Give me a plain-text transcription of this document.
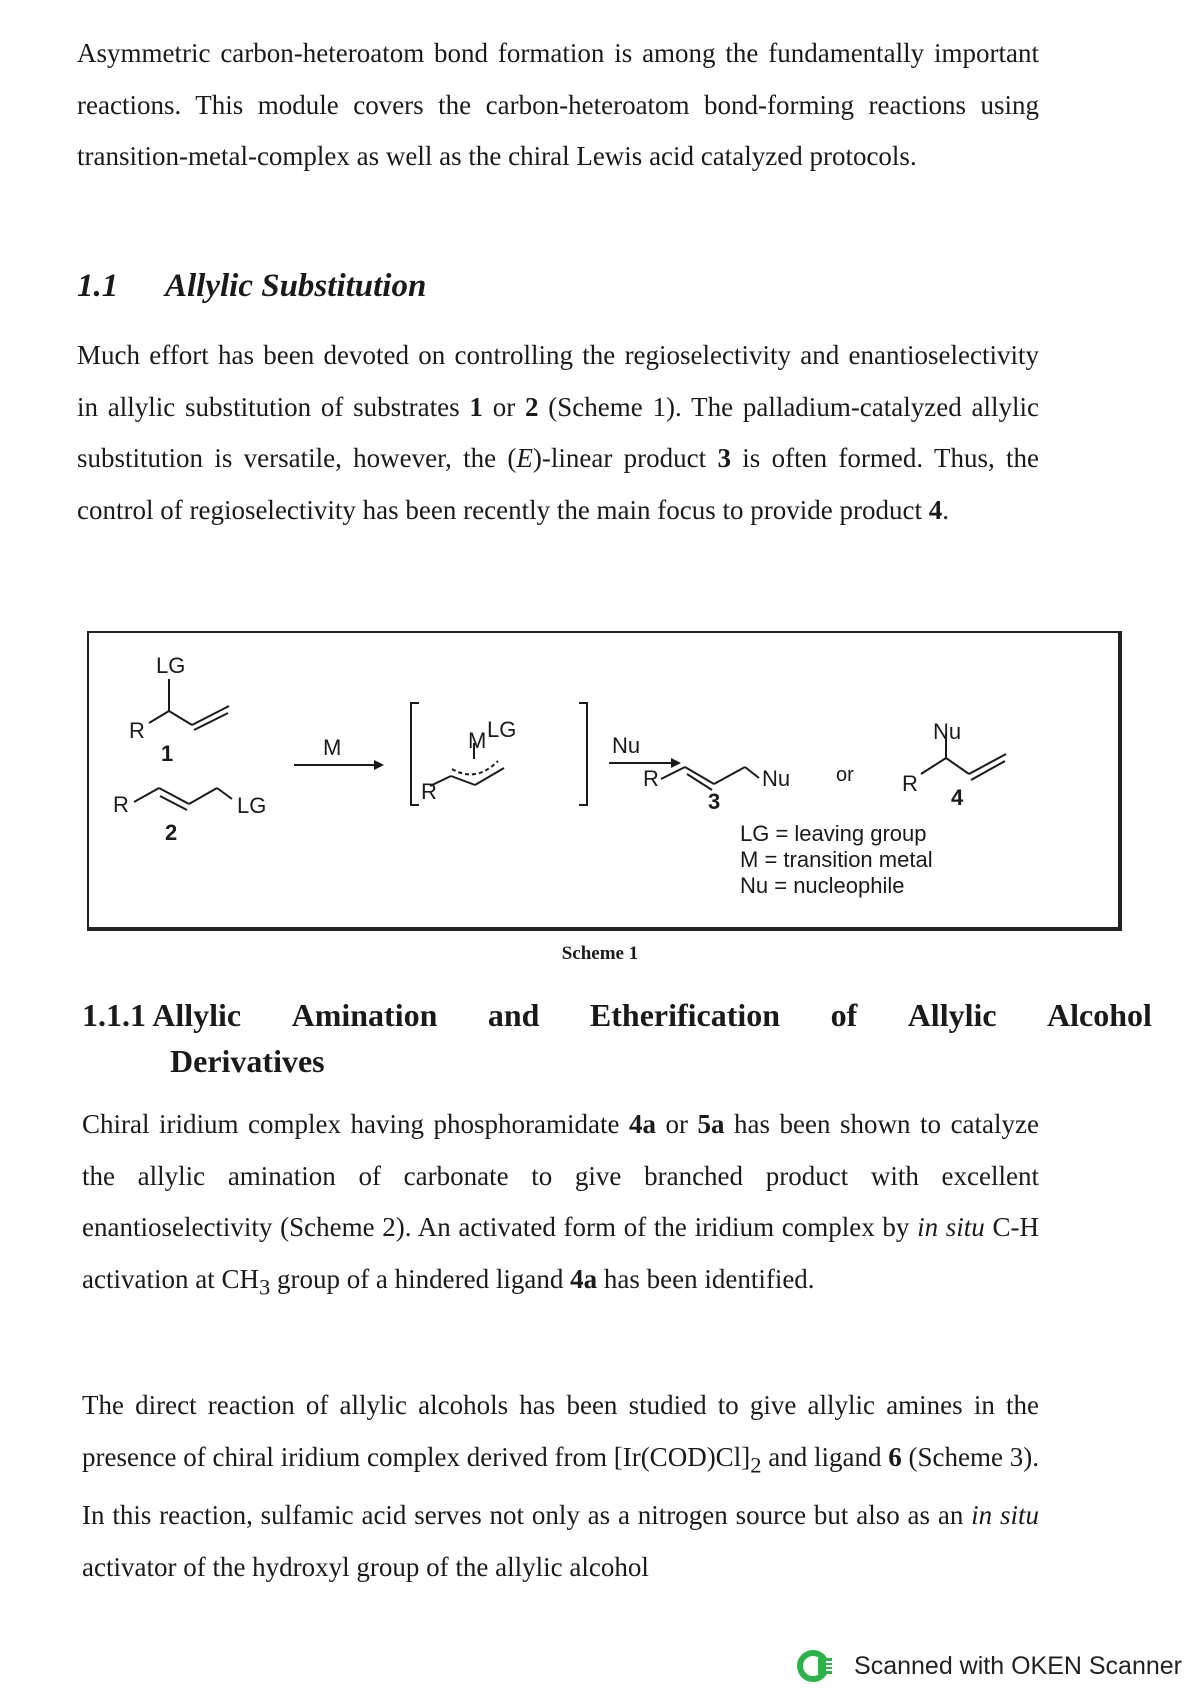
Asymmetric carbon-heteroatom bond formation is among the fundamentally important reactions. This module covers the carbon-heteroatom bond-forming reactions using transition-metal-complex as well as the chiral Lewis acid catalyzed protocols.

1.1 Allylic Substitution

Much effort has been devoted on controlling the regioselectivity and enantioselectivity in allylic substitution of substrates 1 or 2 (Scheme 1). The palladium-catalyzed allylic substitution is versatile, however, the (E)-linear product 3 is often formed. Thus, the control of regioselectivity has been recently the main focus to provide product 4.

LG
R
1
R	LG
2
M	M LG
R
Nu
R	Nu
3
or
Nu
R
4
LG = leaving group
M = transition metal
Nu = nucleophile

Scheme 1

1.1.1 Allylic Amination and Etherification of Allylic Alcohol
Derivatives

Chiral iridium complex having phosphoramidate 4a or 5a has been shown to catalyze the allylic amination of carbonate to give branched product with excellent enantioselectivity (Scheme 2). An activated form of the iridium complex by in situ C-H activation at $CH_3$ group of a hindered ligand 4a has been identified.

The direct reaction of allylic alcohols has been studied to give allylic amines in the presence of chiral iridium complex derived from $[Ir(COD)Cl]_2$ and ligand 6 (Scheme 3). In this reaction, sulfamic acid serves not only as a nitrogen source but also as an in situ activator of the hydroxyl group of the allylic alcohol

Scanned with OKEN Scanner
